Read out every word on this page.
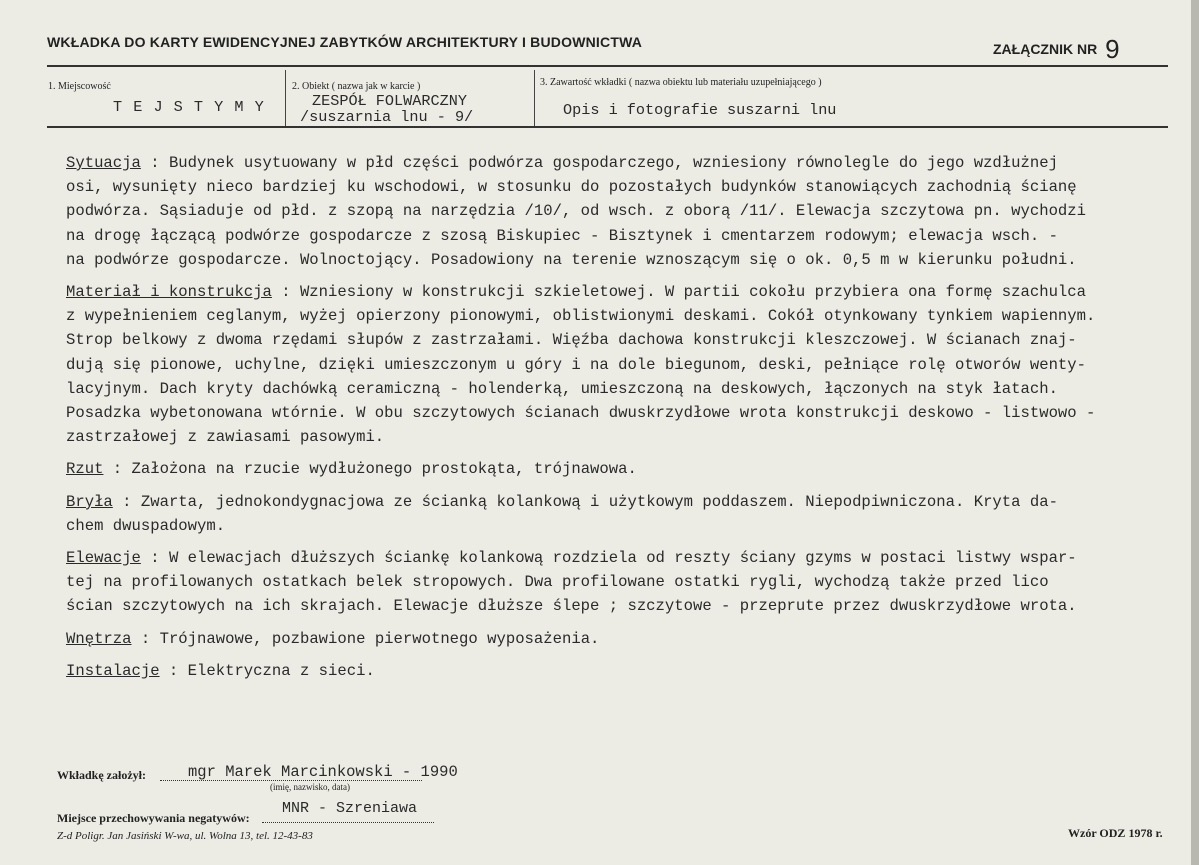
WKŁADKA DO KARTY EWIDENCYJNEJ ZABYTKÓW ARCHITEKTURY I BUDOWNICTWA	ZAŁĄCZNIK NR 9
1. Miejscowość
T E J S T Y M Y
2. Obiekt ( nazwa jak w karcie )
ZESPÓŁ FOLWARCZNY
/suszarnia lnu - 9/
3. Zawartość wkładki ( nazwa obiektu lub materiału uzupełniającego )
Opis i fotografie suszarni lnu
Sytuacja : Budynek usytuowany w płd części podwórza gospodarczego, wzniesiony równolegle do jego wzdłużnej
osi, wysunięty nieco bardziej ku wschodowi, w stosunku do pozostałych budynków stanowiących zachodnią ścianę
podwórza. Sąsiaduje od płd. z szopą na narzędzia /10/, od wsch. z oborą /11/. Elewacja szczytowa pn. wychodzi
na drogę łączącą podwórze gospodarcze z szosą Biskupiec - Bisztynek i cmentarzem rodowym; elewacja wsch. -
na podwórze gospodarcze. Wolnoctojący. Posadowiony na terenie wznoszącym się o ok. 0,5 m w kierunku południ.
Materiał i konstrukcja : Wzniesiony w konstrukcji szkieletowej. W partii cokołu przybiera ona formę szachulca
z wypełnieniem ceglanym, wyżej opierzony pionowymi, oblistwionymi deskami. Cokół otynkowany tynkiem wapiennym.
Strop belkowy z dwoma rzędami słupów z zastrzałami. Więźba dachowa konstrukcji kleszczowej. W ścianach znaj-
dują się pionowe, uchylne, dzięki umieszczonym u góry i na dole biegunom, deski, pełniące rolę otworów wenty-
lacyjnym. Dach kryty dachówką ceramiczną - holenderką, umieszczoną na deskowych, łączonych na styk łatach.
Posadzka wybetonowana wtórnie. W obu szczytowych ścianach dwuskrzydłowe wrota konstrukcji deskowo - listwowo -
zastrzałowej z zawiasami pasowymi.
Rzut : Założona na rzucie wydłużonego prostokąta, trójnawowa.
Bryła : Zwarta, jednokondygnacjowa ze ścianką kolankową i użytkowym poddaszem. Niepodpiwniczona. Kryta da-
chem dwuspadowym.
Elewacje : W elewacjach dłuższych ściankę kolankową rozdziela od reszty ściany gzyms w postaci listwy wspar-
tej na profilowanych ostatkach belek stropowych. Dwa profilowane ostatki rygli, wychodzą także przed lico
ścian szczytowych na ich skrajach. Elewacje dłuższe ślepe ; szczytowe - przeprute przez dwuskrzydłowe wrota.
Wnętrza : Trójnawowe, pozbawione pierwotnego wyposażenia.
Instalacje : Elektryczna z sieci.
Wkładkę założył:	mgr Marek Marcinkowski - 1990
(imię, nazwisko, data)
Miejsce przechowywania negatywów:
MNR - Szreniawa
Z-d Poligr. Jan Jasiński W-wa, ul. Wolna 13, tel. 12-43-83	Wzór ODZ 1978 r.
